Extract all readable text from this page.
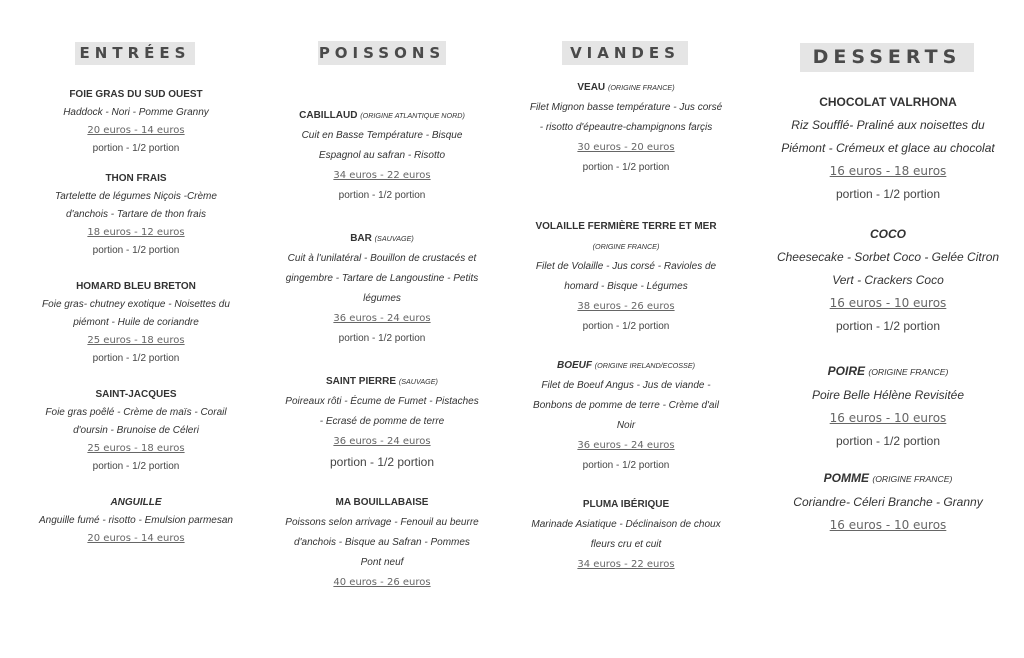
ENTRÉES
FOIE GRAS DU SUD OUEST
Haddock - Nori - Pomme Granny
20 euros - 14 euros
portion - 1/2 portion
THON FRAIS
Tartelette de légumes Niçois -Crème d'anchois - Tartare de thon frais
18 euros - 12 euros
portion - 1/2 portion
HOMARD BLEU BRETON
Foie gras- chutney exotique - Noisettes du piémont - Huile de coriandre
25 euros - 18 euros
portion - 1/2 portion
SAINT-JACQUES
Foie gras poêlé - Crème de maïs - Corail d'oursin - Brunoise de Céleri
25 euros - 18 euros
portion - 1/2 portion
ANGUILLE
Anguille fumé - risotto - Emulsion parmesan
20 euros - 14 euros
POISSONS
CABILLAUD (ORIGINE ATLANTIQUE NORD)
Cuit en Basse Température - Bisque Espagnol au safran - Risotto
34 euros - 22 euros
portion - 1/2 portion
BAR (SAUVAGE)
Cuit à l'unilatéral - Bouillon de crustacés et gingembre - Tartare de Langoustine - Petits légumes
36 euros - 24 euros
portion - 1/2 portion
SAINT PIERRE (SAUVAGE)
Poireaux rôti - Écume de Fumet - Pistaches - Ecrasé de pomme de terre
36 euros - 24 euros
portion - 1/2 portion
MA BOUILLABAISE
Poissons selon arrivage - Fenouil au beurre d'anchois - Bisque au Safran - Pommes Pont neuf
40 euros - 26 euros
VIANDES
VEAU (ORIGINE FRANCE)
Filet Mignon basse température - Jus corsé - risotto d'épeautre-champignons farçis
30 euros - 20 euros
portion - 1/2 portion
VOLAILLE FERMIÈRE TERRE ET MER (ORIGINE FRANCE)
Filet de Volaille - Jus corsé - Ravioles de homard - Bisque - Légumes
38 euros - 26 euros
portion - 1/2 portion
BOEUF (ORIGINE IRELAND/ECOSSE)
Filet de Boeuf Angus - Jus de viande - Bonbons de pomme de terre - Crème d'ail Noir
36 euros - 24 euros
portion - 1/2 portion
PLUMA IBÉRIQUE
Marinade Asiatique - Déclinaison de choux fleurs cru et cuit
34 euros - 22 euros
DESSERTS
CHOCOLAT VALRHONA
Riz Soufflé- Praliné aux noisettes du Piémont - Crémeux et glace au chocolat
16 euros - 18 euros
portion - 1/2 portion
COCO
Cheesecake - Sorbet Coco - Gelée Citron Vert - Crackers Coco
16 euros - 10 euros
portion - 1/2 portion
POIRE (ORIGINE FRANCE)
Poire Belle Hélène Revisitée
16 euros - 10 euros
portion - 1/2 portion
POMME (ORIGINE FRANCE)
Coriandre- Céleri Branche - Granny
16 euros - 10 euros
